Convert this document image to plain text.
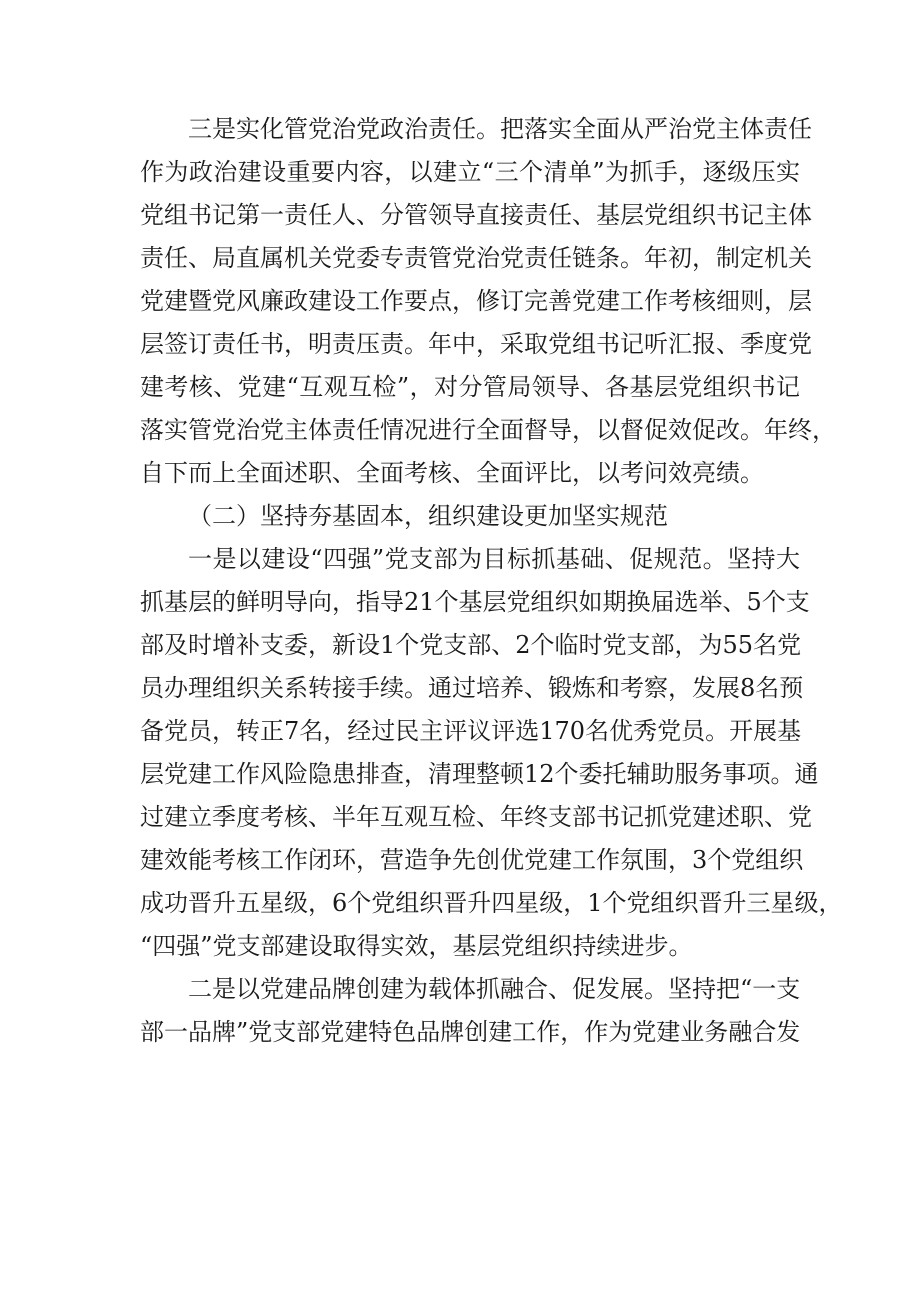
三是实化管党治党政治责任。把落实全面从严治党主体责任
作为政治建设重要内容，以建立“三个清单”为抓手，逐级压实
党组书记第一责任人、分管领导直接责任、基层党组织书记主体
责任、局直属机关党委专责管党治党责任链条。年初，制定机关
党建暨党风廉政建设工作要点，修订完善党建工作考核细则，层
层签订责任书，明责压责。年中，采取党组书记听汇报、季度党
建考核、党建“互观互检”，对分管局领导、各基层党组织书记
落实管党治党主体责任情况进行全面督导，以督促效促改。年终，
自下而上全面述职、全面考核、全面评比，以考问效亮绩。

（二）坚持夯基固本，组织建设更加坚实规范

一是以建设“四强”党支部为目标抓基础、促规范。坚持大
抓基层的鲜明导向，指导21个基层党组织如期换届选举、5个支
部及时增补支委，新设1个党支部、2个临时党支部，为55名党
员办理组织关系转接手续。通过培养、锻炼和考察，发展8名预
备党员，转正7名，经过民主评议评选170名优秀党员。开展基
层党建工作风险隐患排查，清理整顿12个委托辅助服务事项。通
过建立季度考核、半年互观互检、年终支部书记抓党建述职、党
建效能考核工作闭环，营造争先创优党建工作氛围，3个党组织
成功晋升五星级，6个党组织晋升四星级，1个党组织晋升三星级，
“四强”党支部建设取得实效，基层党组织持续进步。

二是以党建品牌创建为载体抓融合、促发展。坚持把“一支
部一品牌”党支部党建特色品牌创建工作，作为党建业务融合发
